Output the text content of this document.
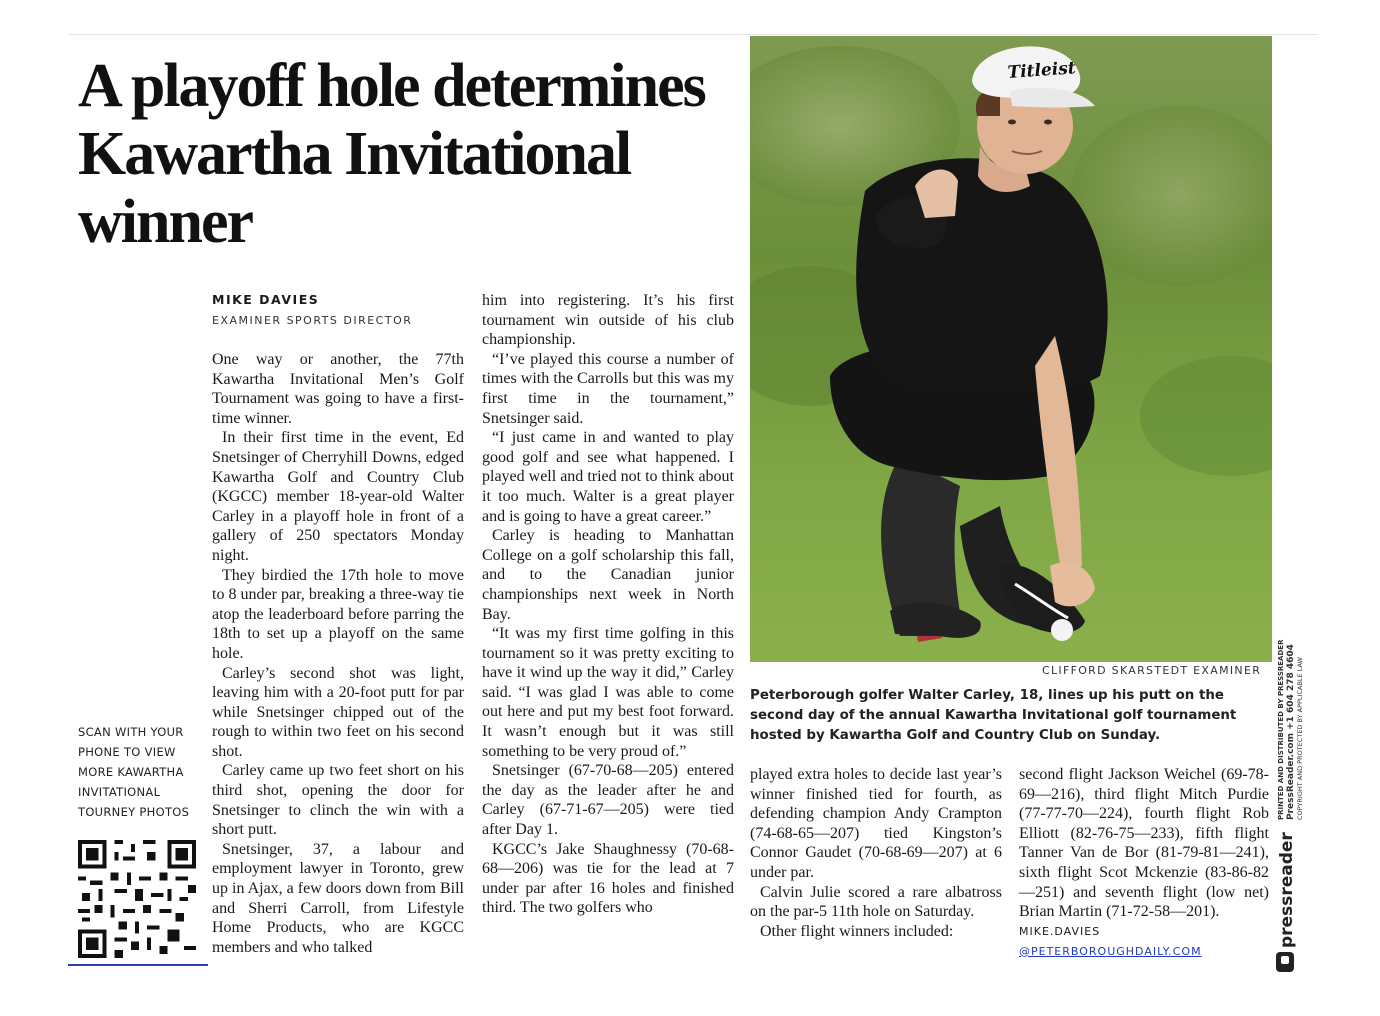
A playoff hole determines Kawartha Invitational winner
MIKE DAVIES
EXAMINER SPORTS DIRECTOR

One way or another, the 77th Kawartha Invitational Men’s Golf Tournament was going to have a first-time winner.

In their first time in the event, Ed Snetsinger of Cherryhill Downs, edged Kawartha Golf and Country Club (KGCC) member 18-year-old Walter Carley in a playoff hole in front of a gallery of 250 spectators Monday night.

They birdied the 17th hole to move to 8 under par, breaking a three-way tie atop the leaderboard before parring the 18th to set up a playoff on the same hole.

Carley’s second shot was light, leaving him with a 20-foot putt for par while Snetsinger chipped out of the rough to within two feet on his second shot.

Carley came up two feet short on his third shot, opening the door for Snetsinger to clinch the win with a short putt.

Snetsinger, 37, a labour and employment lawyer in Toronto, grew up in Ajax, a few doors down from Bill and Sherri Carroll, from Lifestyle Home Products, who are KGCC members and who talked

him into registering. It’s his first tournament win outside of his club championship.

“I’ve played this course a number of times with the Carrolls but this was my first time in the tournament,” Snetsinger said.

“I just came in and wanted to play good golf and see what happened. I played well and tried not to think about it too much. Walter is a great player and is going to have a great career.”

Carley is heading to Manhattan College on a golf scholarship this fall, and to the Canadian junior championships next week in North Bay.

“It was my first time golfing in this tournament so it was pretty exciting to have it wind up the way it did,” Carley said. “I was glad I was able to come out here and put my best foot forward. It wasn’t enough but it was still something to be very proud of.”

Snetsinger (67-70-68—205) entered the day as the leader after he and Carley (67-71-67—205) were tied after Day 1.

KGCC’s Jake Shaughnessy (70-68-68—206) was tie for the lead at 7 under par after 16 holes and finished third. The two golfers who

Titleist
CLIFFORD SKARSTEDT EXAMINER
Peterborough golfer Walter Carley, 18, lines up his putt on the second day of the annual Kawartha Invitational golf tournament hosted by Kawartha Golf and Country Club on Sunday.

played extra holes to decide last year’s winner finished tied for fourth, as defending champion Andy Crampton (74-68-65—207) tied Kingston’s Connor Gaudet (70-68-69—207) at 6 under par.

Calvin Julie scored a rare albatross on the par-5 11th hole on Saturday.

Other flight winners included:

second flight Jackson Weichel (69-78-69—216), third flight Mitch Purdie (77-77-70—224), fourth flight Rob Elliott (82-76-75—233), fifth flight Tanner Van de Bor (81-79-81—241), sixth flight Scot Mckenzie (83-86-82—251) and seventh flight (low net) Brian Martin (71-72-58—201).

MIKE.DAVIES
@PETERBOROUGHDAILY.COM
SCAN WITH YOUR
PHONE TO VIEW
MORE KAWARTHA
INVITATIONAL
TOURNEY PHOTOS
pressreader
PRINTED AND DISTRIBUTED BY PRESSREADER PressReader.com +1 604 278 4604 COPYRIGHT AND PROTECTED BY APPLICABLE LAW
